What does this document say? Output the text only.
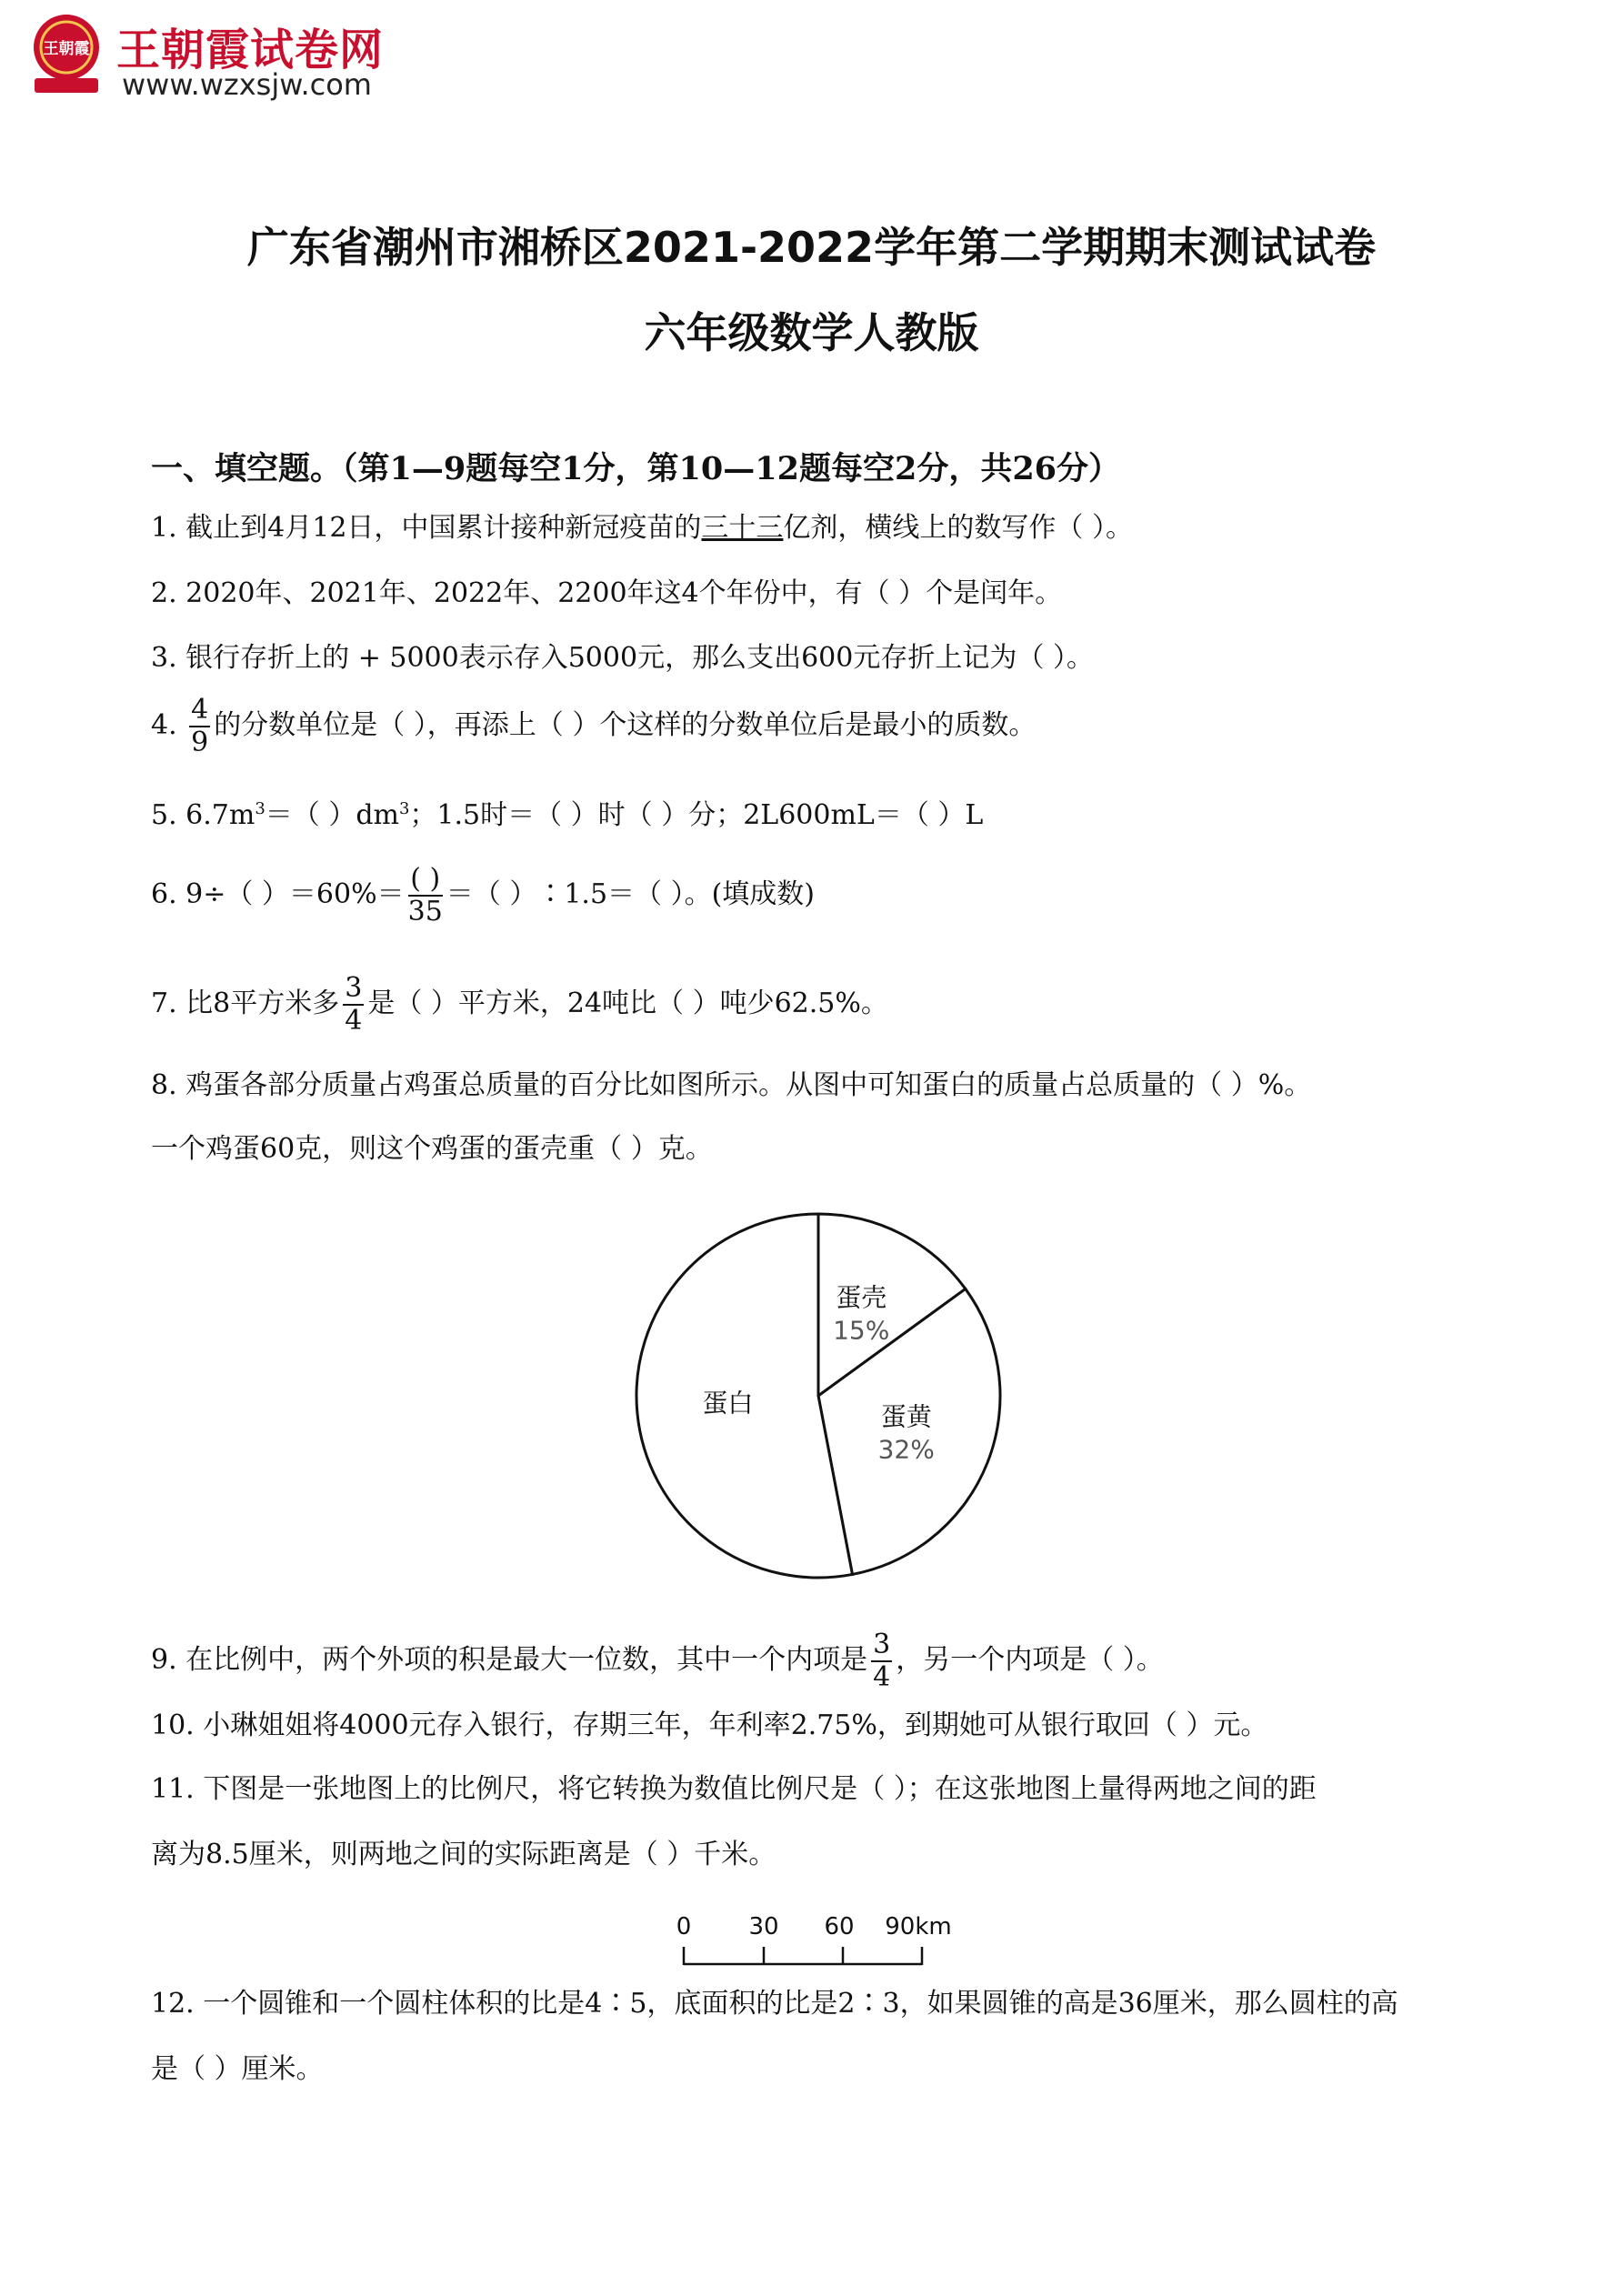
王朝霞 王朝霞试卷网
www.wzxsjw.com
广东省潮州市湘桥区2021-2022学年第二学期期末测试试卷
六年级数学人教版
一、填空题。（第1—9题每空1分，第10—12题每空2分，共26分）
1. 截止到4月12日，中国累计接种新冠疫苗的三十三亿剂，横线上的数写作（ ）。
2. 2020年、2021年、2022年、2200年这4个年份中，有（ ）个是闰年。
3. 银行存折上的 + 5000表示存入5000元，那么支出600元存折上记为（ ）。
4. $\frac{4}{9}$ 的分数单位是（ ），再添上（ ）个这样的分数单位后是最小的质数。
5. $6.7m^3=$（ ）$dm^3$；1.5时＝（ ）时（ ）分；2L600mL＝（ ）L
6. 9÷（ ）$=60\%= \frac{( )}{35}$ ＝（ ）∶1.5＝（ ）。(填成数)
7. 比8平方米多 $\frac{3}{4}$ 是（ ）平方米，24吨比（ ）吨少62.5%。
8. 鸡蛋各部分质量占鸡蛋总质量的百分比如图所示。从图中可知蛋白的质量占总质量的（ ）%。
一个鸡蛋60克，则这个鸡蛋的蛋壳重（ ）克。
蛋壳
15%
蛋黄
32%
蛋白
9. 在比例中，两个外项的积是最大一位数，其中一个内项是 $\frac{3}{4}$ ，另一个内项是（ ）。
10. 小琳姐姐将4000元存入银行，存期三年，年利率2.75%，到期她可从银行取回（ ）元。
11. 下图是一张地图上的比例尺，将它转换为数值比例尺是（ ）；在这张地图上量得两地之间的距
离为8.5厘米，则两地之间的实际距离是（ ）千米。
0 30 60 90km
12. 一个圆锥和一个圆柱体积的比是4∶5，底面积的比是2∶3，如果圆锥的高是36厘米，那么圆柱的高
是（ ）厘米。
